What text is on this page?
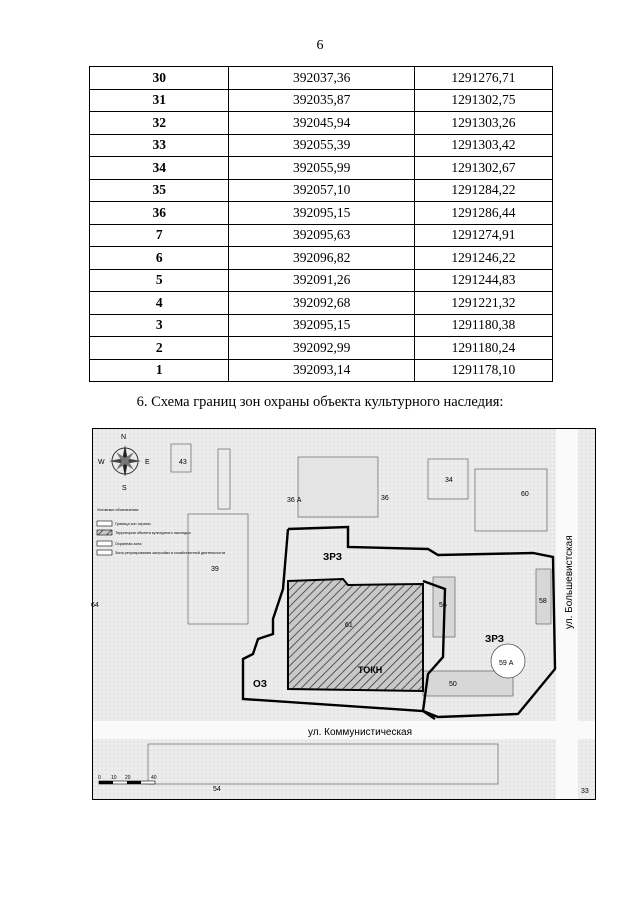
6
30	392037,36	1291276,71
31	392035,87	1291302,75
32	392045,94	1291303,26
33	392055,39	1291303,42
34	392055,99	1291302,67
35	392057,10	1291284,22
36	392095,15	1291286,44
7	392095,63	1291274,91
6	392096,82	1291246,22
5	392091,26	1291244,83
4	392092,68	1291221,32
3	392095,15	1291180,38
2	392092,99	1291180,24
1	392093,14	1291178,10
6. Схема границ зон охраны объекта культурного наследия:
N
S
W	E
Условные обозначения:
Граница зон охраны
Территория объекта культурного наследия
Охранная зона
Зона регулирования застройки и хозяйственной деятельности
43
36 А	36
34
60
39
56
58
59 А
50
61
54
64
33
ЗРЗ
ЗРЗ
ОЗ
ТОКН
ул. Коммунистическая
ул. Большевистская
0 10 20	40
